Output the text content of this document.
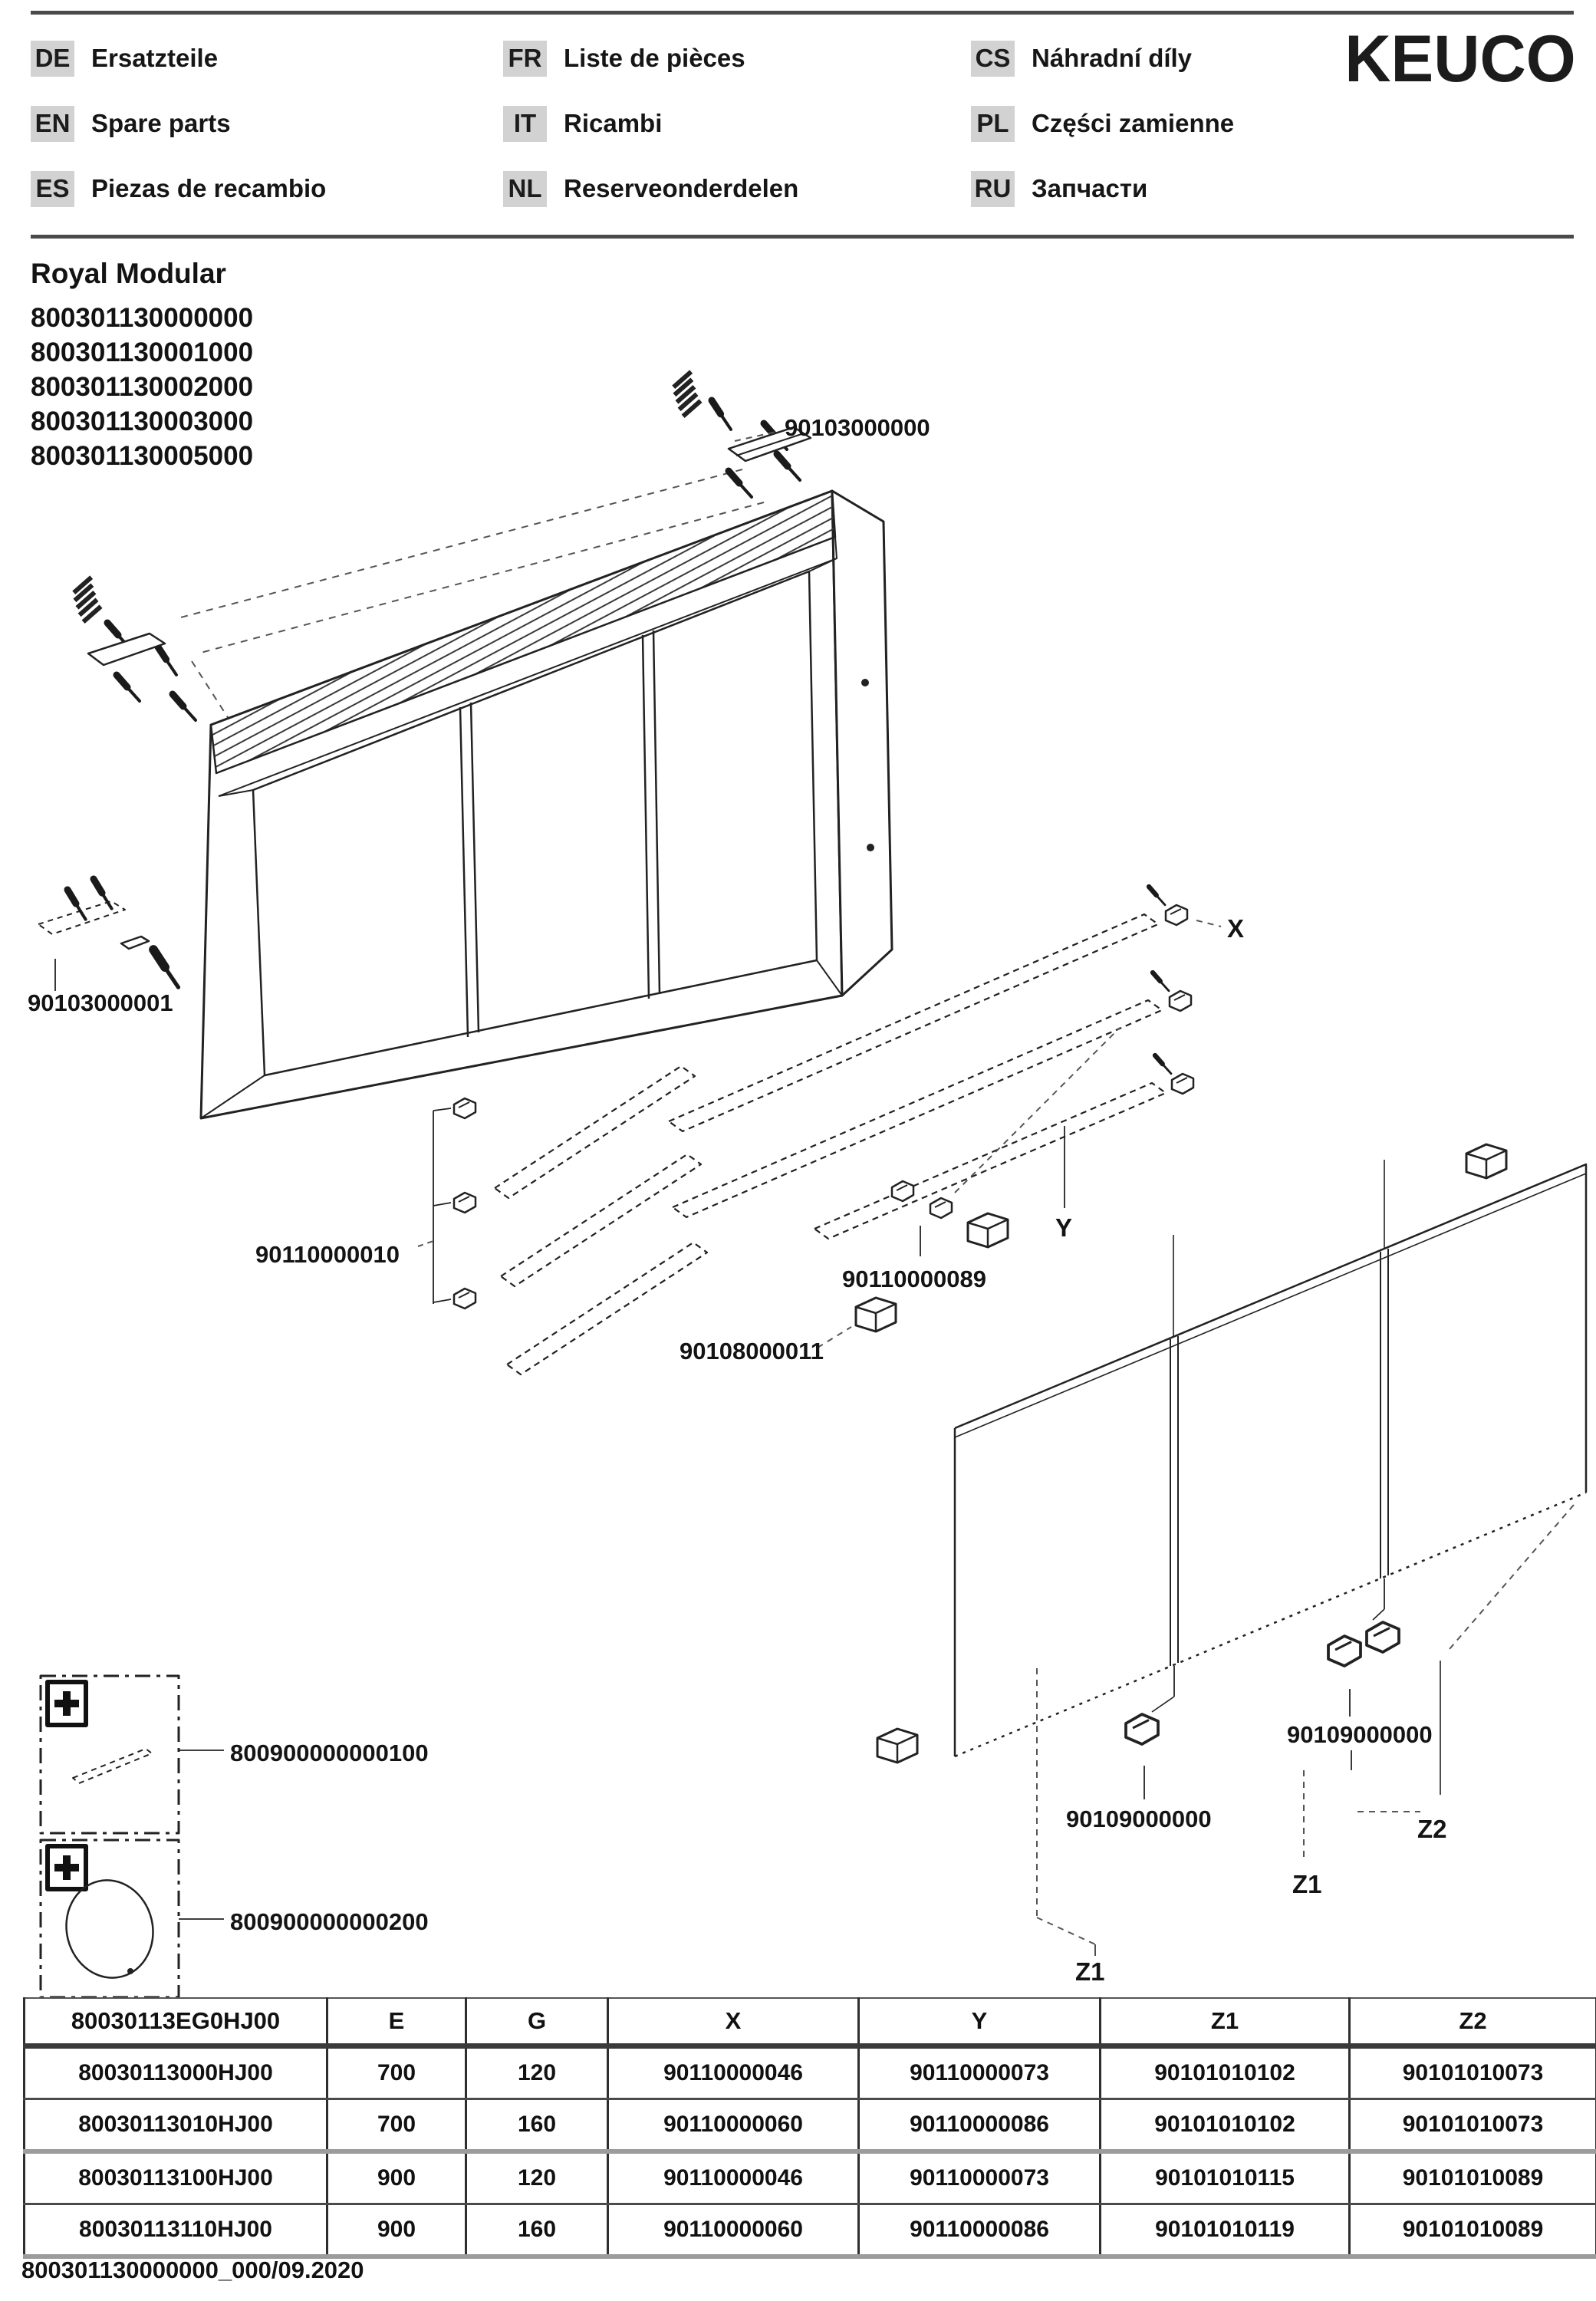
DE Ersatzteile
EN Spare parts
ES Piezas de recambio
FR Liste de pièces
IT	Ricambi
NL Reserveonderdelen
CS Náhradní díly
PL Części zamienne
RU Запчасти
KEUCO
Royal Modular
800301130000000
800301130001000
800301130002000
800301130003000
800301130005000
90103000000
90103000001
90110000010
X
Y
90110000089
90108000011
90109000000
Z1
90109000000
Z1
Z2
800900000000100
800900000000200
80030113EG0HJ00	E	G	X	Y	Z1	Z2
80030113000HJ00	700	120	90110000046	90110000073	90101010102	90101010073
80030113010HJ00	700	160	90110000060	90110000086	90101010102	90101010073
80030113100HJ00	900	120	90110000046	90110000073	90101010115	90101010089
80030113110HJ00	900	160	90110000060	90110000086	90101010119	90101010089
800301130000000_000/09.2020
